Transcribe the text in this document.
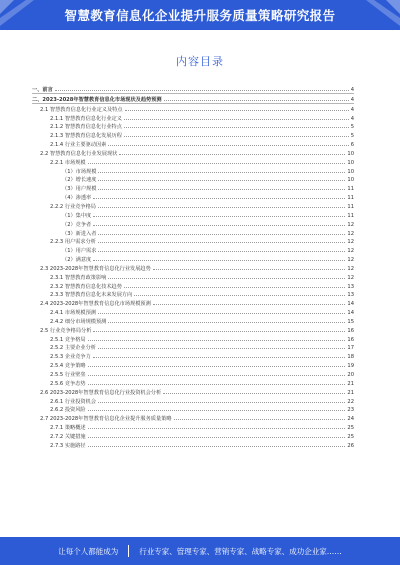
智慧教育信息化企业提升服务质量策略研究报告
内容目录
一、前言	4
二、2023-2028年智慧教育信息化市场现状及趋势预测	4
2.1 智慧教育信息化行业定义及特点	4
2.1.1 智慧教育信息化行业定义	4
2.1.2 智慧教育信息化行业特点	5
2.1.3 智慧教育信息化发展历程	5
2.1.4 行业主要驱动因素	6
2.2 智慧教育信息化行业发展现状	10
2.2.1 市场规模	10
（1）市场规模	10
（2）增长速度	10
（3）用户规模	11
（4）渗透率	11
2.2.2 行业竞争格局	11
（1）集中度	11
（2）竞争者	12
（3）新进入者	12
2.2.3 用户需求分析	12
（1）用户需求	12
（2）满意度	12
2.3 2023-2028年智慧教育信息化行业发展趋势	12
2.3.1 智慧教育政策影响	12
2.3.2 智慧教育信息化技术趋势	13
2.3.3 智慧教育信息化未来发展方向	13
2.4 2023-2028年智慧教育信息化市场规模预测	14
2.4.1 市场规模预测	14
2.4.2 细分市场规模预测	15
2.5 行业竞争格局分析	16
2.5.1 竞争格局	16
2.5.2 主要企业分析	17
2.5.3 企业竞争力	18
2.5.4 竞争策略	19
2.5.5 行业壁垒	20
2.5.6 竞争态势	21
2.6 2023-2028年智慧教育信息化行业投资机会分析	21
2.6.1 行业投资机会	22
2.6.2 投资风险	23
2.7 2023-2028年智慧教育信息化企业提升服务质量策略	24
2.7.1 策略概述	25
2.7.2 关键措施	25
2.7.3 实施路径	26
让每个人都能成为	行业专家、管理专家、营销专家、战略专家、成功企业家……
